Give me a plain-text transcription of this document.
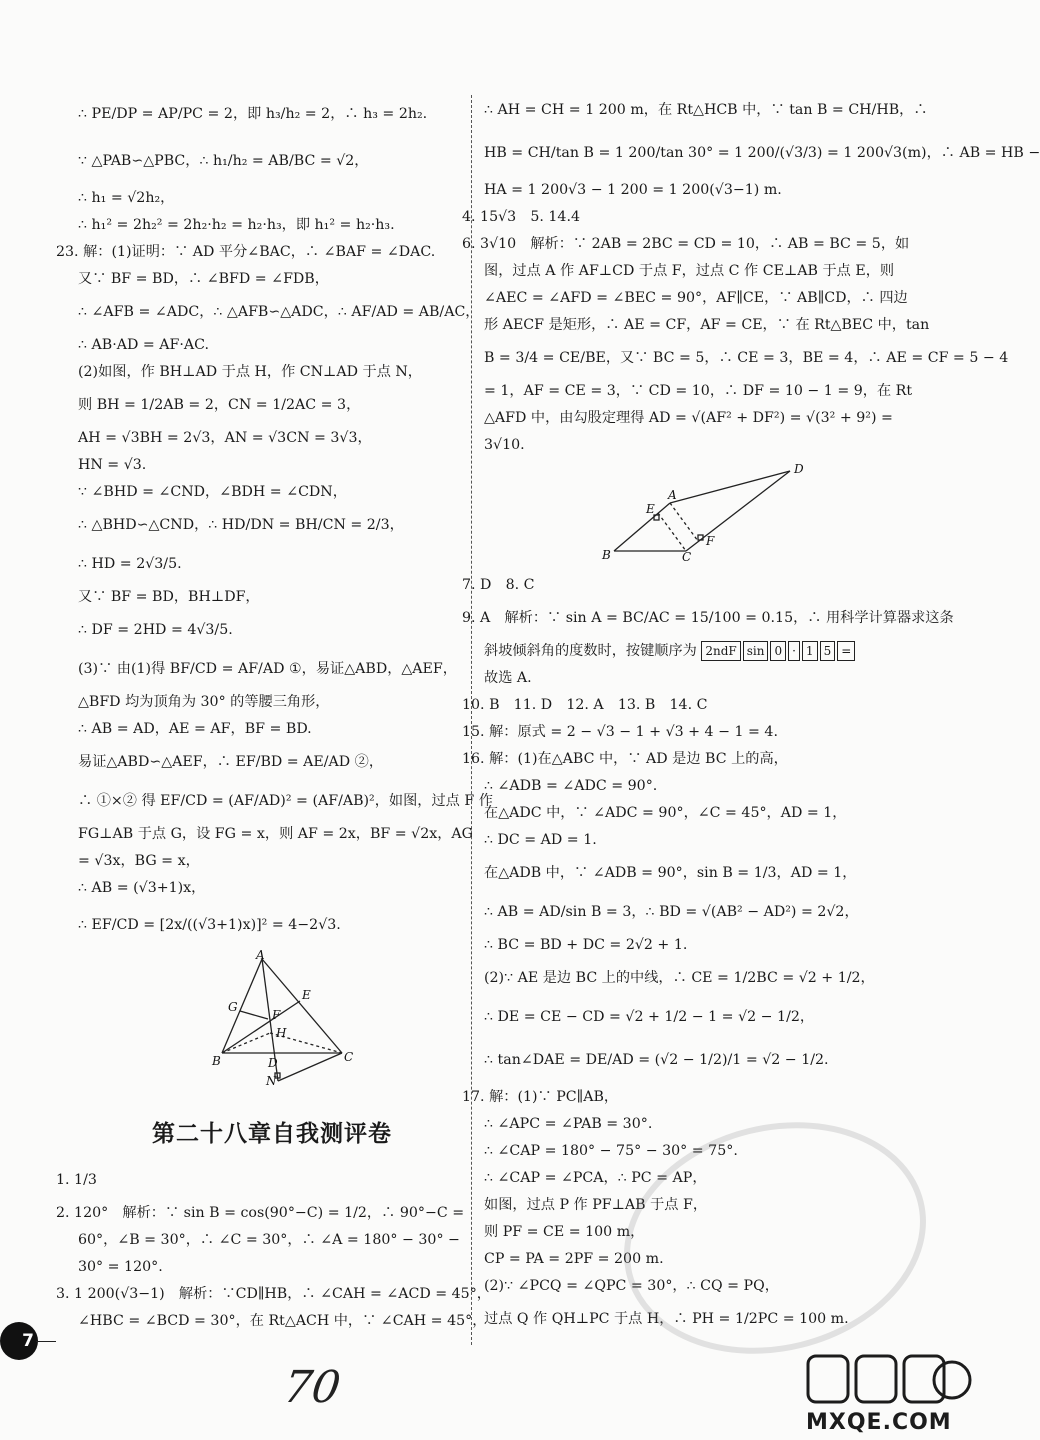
∴ PE/DP = AP/PC = 2，即 h₃/h₂ = 2，∴ h₃ = 2h₂.
∵ △PAB∽△PBC，∴ h₁/h₂ = AB/BC = √2，
∴ h₁ = √2h₂，
∴ h₁² = 2h₂² = 2h₂·h₂ = h₂·h₃，即 h₁² = h₂·h₃.
23. 解：(1)证明：∵ AD 平分∠BAC，∴ ∠BAF = ∠DAC.
又∵ BF = BD，∴ ∠BFD = ∠FDB，
∴ ∠AFB = ∠ADC，∴ △AFB∽△ADC，∴ AF/AD = AB/AC，
∴ AB·AD = AF·AC.
(2)如图，作 BH⊥AD 于点 H，作 CN⊥AD 于点 N，
则 BH = 1/2AB = 2，CN = 1/2AC = 3，
AH = √3BH = 2√3，AN = √3CN = 3√3，
HN = √3.
∵ ∠BHD = ∠CND，∠BDH = ∠CDN，
∴ △BHD∽△CND，∴ HD/DN = BH/CN = 2/3，
∴ HD = 2√3/5.
又∵ BF = BD，BH⊥DF，
∴ DF = 2HD = 4√3/5.
(3)∵ 由(1)得 BF/CD = AF/AD ①，易证△ABD，△AEF，
△BFD 均为顶角为 30° 的等腰三角形，
∴ AB = AD，AE = AF，BF = BD.
易证△ABD∽△AEF，∴ EF/BD = AE/AD ②，
∴ ①×② 得 EF/CD = (AF/AD)² = (AF/AB)²，如图，过点 F 作
FG⊥AB 于点 G，设 FG = x，则 AF = 2x，BF = √2x，AG
= √3x，BG = x，
∴ AB = (√3+1)x，
∴ EF/CD = [2x/((√3+1)x)]² = 4−2√3.
A
B	C
D
E
F
G
H
N
第二十八章自我测评卷
1. 1/3
2. 120°　解析：∵ sin B = cos(90°−C) = 1/2，∴ 90°−C =
60°，∠B = 30°，∴ ∠C = 30°，∴ ∠A = 180° − 30° −
30° = 120°.
3. 1 200(√3−1)　解析：∵CD∥HB，∴ ∠CAH = ∠ACD = 45°，
∠HBC = ∠BCD = 30°，在 Rt△ACH 中，∵ ∠CAH = 45°，
∴ AH = CH = 1 200 m，在 Rt△HCB 中，∵ tan B = CH/HB，∴
HB = CH/tan B = 1 200/tan 30° = 1 200/(√3/3) = 1 200√3(m)，∴ AB = HB −
HA = 1 200√3 − 1 200 = 1 200(√3−1) m.
4. 15√3　5. 14.4
6. 3√10　解析：∵ 2AB = 2BC = CD = 10，∴ AB = BC = 5，如
图，过点 A 作 AF⊥CD 于点 F，过点 C 作 CE⊥AB 于点 E，则
∠AEC = ∠AFD = ∠BEC = 90°，AF∥CE，∵ AB∥CD，∴ 四边
形 AECF 是矩形，∴ AE = CF，AF = CE，∵ 在 Rt△BEC 中，tan
B = 3/4 = CE/BE，又∵ BC = 5，∴ CE = 3，BE = 4，∴ AE = CF = 5 − 4
= 1，AF = CE = 3，∵ CD = 10，∴ DF = 10 − 1 = 9，在 Rt
△AFD 中，由勾股定理得 AD = √(AF² + DF²) = √(3² + 9²) =
3√10.
A
B	C
D
E
F
7. D　8. C
9. A　解析：∵ sin A = BC/AC = 15/100 = 0.15，∴ 用科学计算器求这条
斜坡倾斜角的度数时，按键顺序为 2ndF sin 0 · 1 5 =
故选 A.
10. B　11. D　12. A　13. B　14. C
15. 解：原式 = 2 − √3 − 1 + √3 + 4 − 1 = 4.
16. 解：(1)在△ABC 中，∵ AD 是边 BC 上的高，
∴ ∠ADB = ∠ADC = 90°.
在△ADC 中，∵ ∠ADC = 90°，∠C = 45°，AD = 1，
∴ DC = AD = 1.
在△ADB 中，∵ ∠ADB = 90°，sin B = 1/3，AD = 1，
∴ AB = AD/sin B = 3，∴ BD = √(AB² − AD²) = 2√2，
∴ BC = BD + DC = 2√2 + 1.
(2)∵ AE 是边 BC 上的中线，∴ CE = 1/2BC = √2 + 1/2，
∴ DE = CE − CD = √2 + 1/2 − 1 = √2 − 1/2，
∴ tan∠DAE = DE/AD = (√2 − 1/2)/1 = √2 − 1/2.
17. 解：(1)∵ PC∥AB，
∴ ∠APC = ∠PAB = 30°.
∴ ∠CAP = 180° − 75° − 30° = 75°.
∴ ∠CAP = ∠PCA，∴ PC = AP，
如图，过点 P 作 PF⊥AB 于点 F，
则 PF = CE = 100 m，
CP = PA = 2PF = 200 m.
(2)∵ ∠PCQ = ∠QPC = 30°，∴ CQ = PQ，
过点 Q 作 QH⊥PC 于点 H，∴ PH = 1/2PC = 100 m.
7
70
MXQE.COM
